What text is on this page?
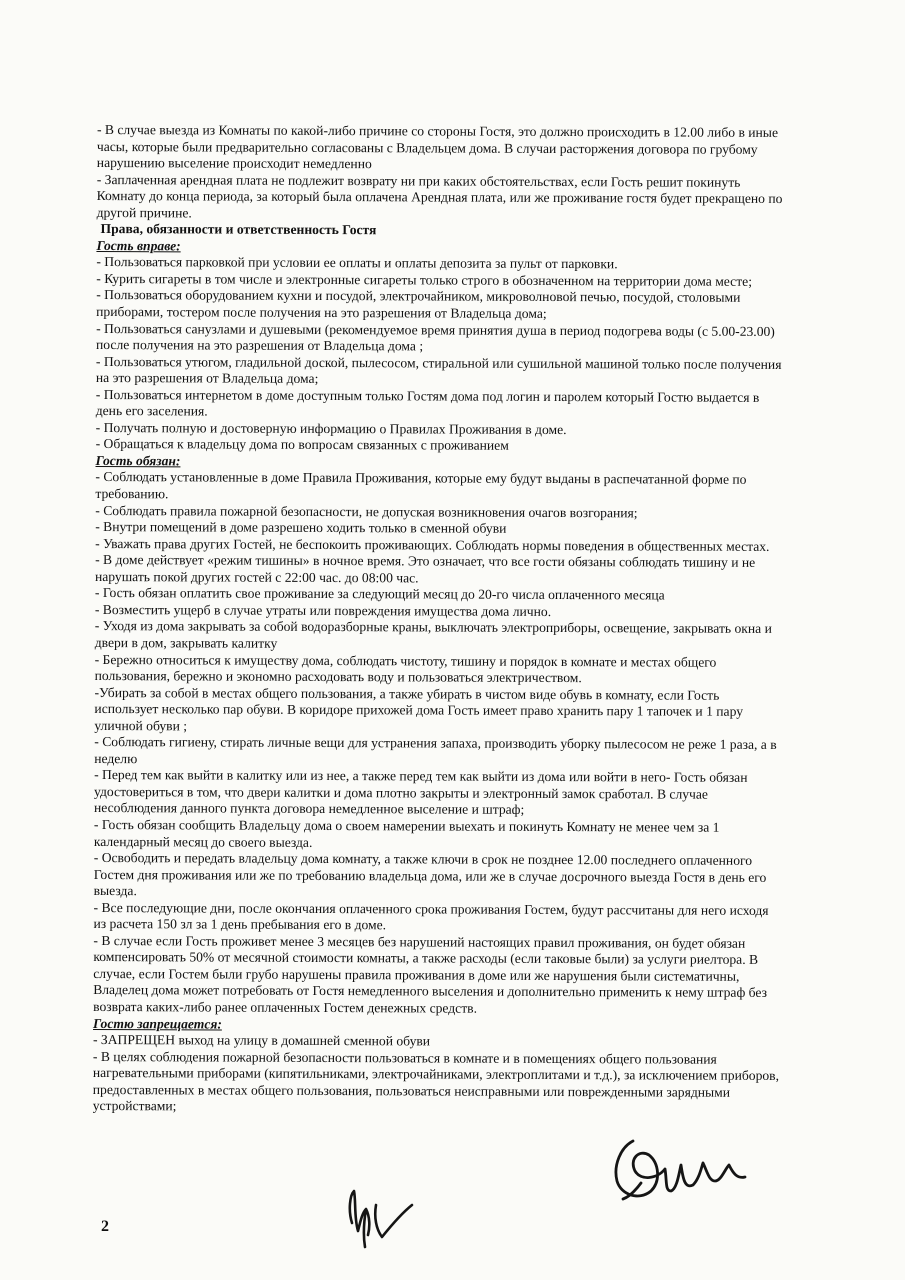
- В случае выезда из Комнаты по какой-либо причине со стороны Гостя, это должно происходить в 12.00 либо в иные часы, которые были предварительно согласованы с Владельцем дома. В случаи расторжения договора по грубому нарушению выселение происходит немедленно

- Заплаченная арендная плата не подлежит возврату ни при каких обстоятельствах, если Гость решит покинуть Комнату до конца периода, за который была оплачена Арендная плата, или же проживание гостя будет прекращено по другой причине.

Права, обязанности и ответственность Гостя

Гость вправе:

- Пользоваться парковкой при условии ее оплаты и оплаты депозита за пульт от парковки.

- Курить сигареты в том числе и электронные сигареты только строго в обозначенном на территории дома месте;

- Пользоваться оборудованием кухни и посудой, электрочайником, микроволновой печью, посудой, столовыми приборами, тостером после получения на это разрешения от Владельца дома;

- Пользоваться санузлами и душевыми (рекомендуемое время принятия душа в период подогрева воды (с 5.00-23.00) после получения на это разрешения от Владельца дома ;

- Пользоваться утюгом, гладильной доской, пылесосом, стиральной или сушильной машиной только после получения на это разрешения от Владельца дома;

- Пользоваться интернетом в доме доступным только Гостям дома под логин и паролем который Гостю выдается в день его заселения.

- Получать полную и достоверную информацию о Правилах Проживания в доме.

- Обращаться к владельцу дома по вопросам связанных с проживанием

Гость обязан:

- Соблюдать установленные в доме Правила Проживания, которые ему будут выданы в распечатанной форме по требованию.

- Соблюдать правила пожарной безопасности, не допуская возникновения очагов возгорания;

- Внутри помещений в доме разрешено ходить только в сменной обуви

- Уважать права других Гостей, не беспокоить проживающих. Соблюдать нормы поведения в общественных местах.

- В доме действует «режим тишины» в ночное время. Это означает, что все гости обязаны соблюдать тишину и не нарушать покой других гостей с 22:00 час. до 08:00 час.

- Гость обязан оплатить свое проживание за следующий месяц до 20-го числа оплаченного месяца

- Возместить ущерб в случае утраты или повреждения имущества дома лично.

- Уходя из дома закрывать за собой водоразборные краны, выключать электроприборы, освещение, закрывать окна и двери в дом, закрывать калитку

- Бережно относиться к имуществу дома, соблюдать чистоту, тишину и порядок в комнате и местах общего пользования, бережно и экономно расходовать воду и пользоваться электричеством.

-Убирать за собой в местах общего пользования, а также убирать в чистом виде обувь в комнату, если Гость использует несколько пар обуви. В коридоре прихожей дома Гость имеет право хранить пару 1 тапочек и 1 пару уличной обуви ;

- Соблюдать гигиену, стирать личные вещи для устранения запаха, производить уборку пылесосом не реже 1 раза, а в неделю

- Перед тем как выйти в калитку или из нее, а также перед тем как выйти из дома или войти в него- Гость обязан удостовериться в том, что двери калитки и дома плотно закрыты и электронный замок сработал. В случае несоблюдения данного пункта договора немедленное выселение и штраф;

- Гость обязан сообщить Владельцу дома о своем намерении выехать и покинуть Комнату не менее чем за 1 календарный месяц до своего выезда.

- Освободить и передать владельцу дома комнату, а также ключи в срок не позднее 12.00 последнего оплаченного Гостем дня проживания или же по требованию владельца дома, или же в случае досрочного выезда Гостя в день его выезда.

- Все последующие дни, после окончания оплаченного срока проживания Гостем, будут рассчитаны для него исходя из расчета 150 зл за 1 день пребывания его в доме.

- В случае если Гость проживет менее 3 месяцев без нарушений настоящих правил проживания, он будет обязан компенсировать 50% от месячной стоимости комнаты, а также расходы (если таковые были) за услуги риелтора. В случае, если Гостем были грубо нарушены правила проживания в доме или же нарушения были систематичны, Владелец дома может потребовать от Гостя немедленного выселения и дополнительно применить к нему штраф без возврата каких-либо ранее оплаченных Гостем денежных средств.

Гостю запрещается:

- ЗАПРЕЩЕН выход на улицу в домашней сменной обуви

- В целях соблюдения пожарной безопасности пользоваться в комнате и в помещениях общего пользования нагревательными приборами (кипятильниками, электрочайниками, электроплитами и т.д.), за исключением приборов, предоставленных в местах общего пользования, пользоваться неисправными или поврежденными зарядными устройствами;

2
